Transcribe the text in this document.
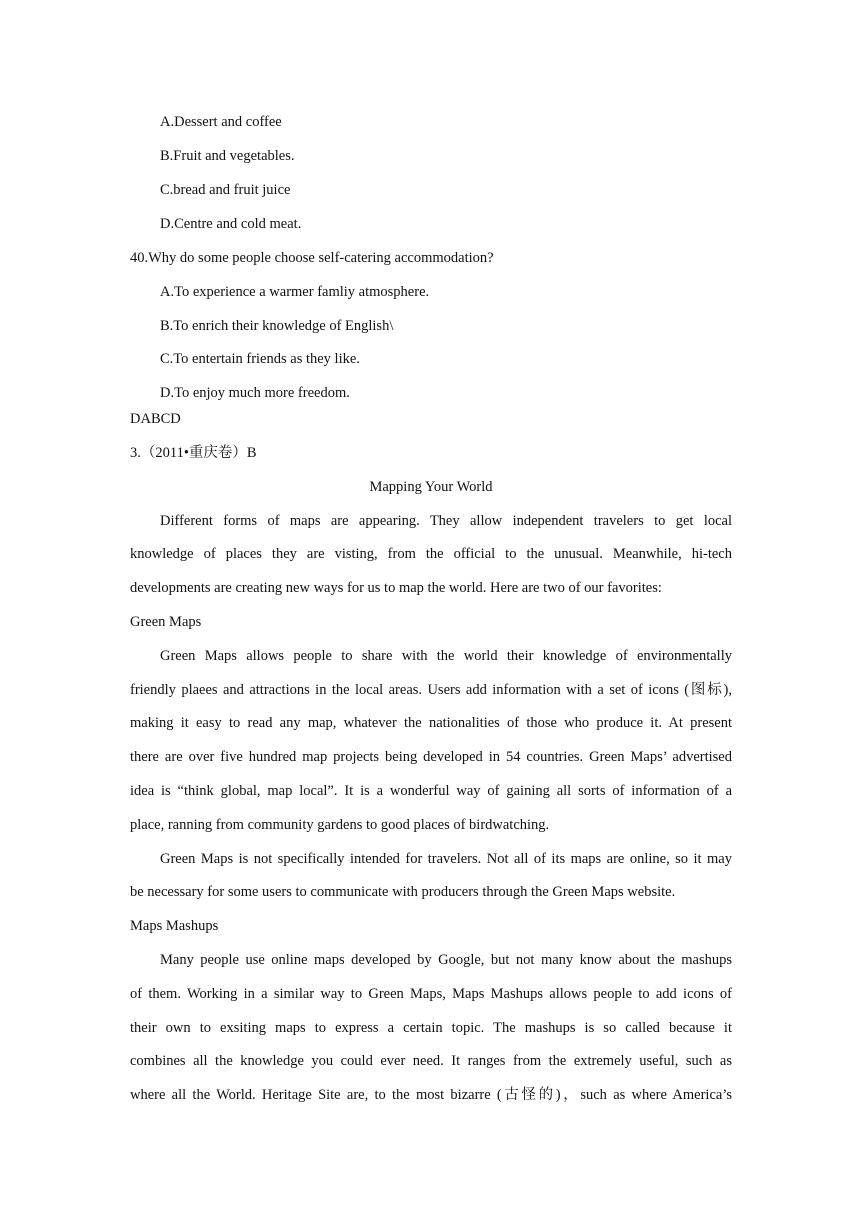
A.Dessert and coffee
B.Fruit and vegetables.
C.bread and fruit juice
D.Centre and cold meat.
40.Why do some people choose self-catering accommodation?
A.To experience a warmer famliy atmosphere.
B.To enrich their knowledge of English\
C.To entertain friends as they like.
D.To enjoy much more freedom.
DABCD
3.（2011•重庆卷）B
Mapping Your World
Different forms of maps are appearing. They allow independent travelers to get local
knowledge of places they are visting, from the official to the unusual. Meanwhile, hi-tech
developments are creating new ways for us to map the world. Here are two of our favorites:
Green Maps
Green Maps allows people to share with the world their knowledge of environmentally
friendly plaees and attractions in the local areas. Users add information with a set of icons (图标),
making it easy to read any map, whatever the nationalities of those who produce it. At present
there are over five hundred map projects being developed in 54 countries. Green Maps’ advertised
idea is “think global, map local”. It is a wonderful way of gaining all sorts of information of a
place, ranning from community gardens to good places of birdwatching.
Green Maps is not specifically intended for travelers. Not all of its maps are online, so it may
be necessary for some users to communicate with producers through the Green Maps website.
Maps Mashups
Many people use online maps developed by Google, but not many know about the mashups
of them. Working in a similar way to Green Maps, Maps Mashups allows people to add icons of
their own to exsiting maps to express a certain topic. The mashups is so called because it
combines all the knowledge you could ever need. It ranges from the extremely useful, such as
where all the World. Heritage Site are, to the most bizarre (古怪的)，such as where America’s
